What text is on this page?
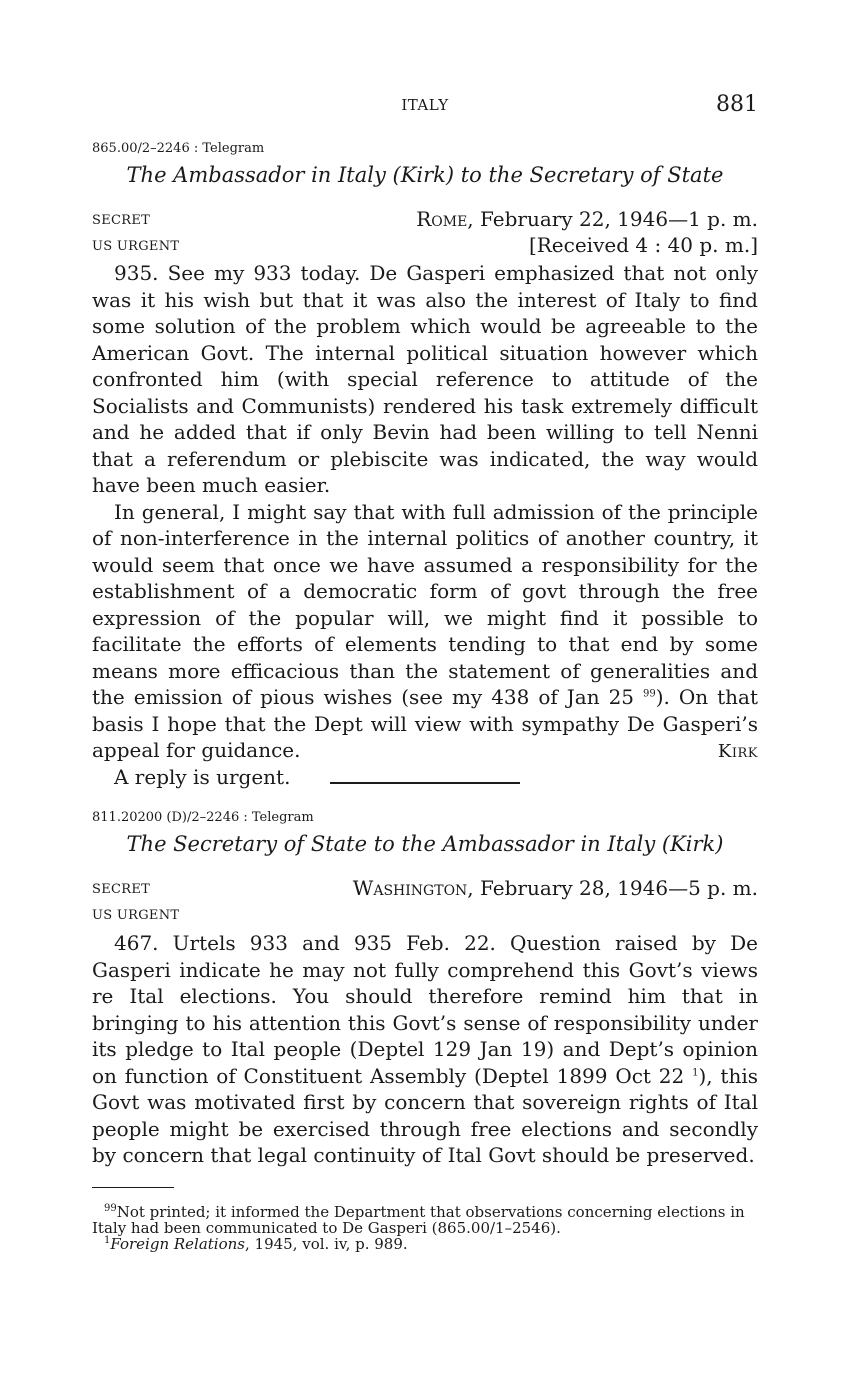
ITALY	881
865.00/2–2246 : Telegram
The Ambassador in Italy (Kirk) to the Secretary of State
SECRET	Rome, February 22, 1946—1 p. m.
US URGENT	[Received 4 : 40 p. m.]

935. See my 933 today. De Gasperi emphasized that not only was it his wish but that it was also the interest of Italy to find some solution of the problem which would be agreeable to the American Govt. The internal political situation however which confronted him (with special reference to attitude of the Socialists and Communists) rendered his task extremely difficult and he added that if only Bevin had been willing to tell Nenni that a referendum or plebiscite was indicated, the way would have been much easier.

In general, I might say that with full admission of the principle of non-interference in the internal politics of another country, it would seem that once we have assumed a responsibility for the establishment of a democratic form of govt through the free expression of the popular will, we might find it possible to facilitate the efforts of elements tending to that end by some means more efficacious than the statement of generalities and the emission of pious wishes (see my 438 of Jan 25 $^{99}$). On that basis I hope that the Dept will view with sympathy De Gasperi’s appeal for guidance.

A reply is urgent.

Kirk
811.20200 (D)/2–2246 : Telegram
The Secretary of State to the Ambassador in Italy (Kirk)
SECRET	Washington, February 28, 1946—5 p. m.
US URGENT

467. Urtels 933 and 935 Feb. 22. Question raised by De Gasperi indicate he may not fully comprehend this Govt’s views re Ital elections. You should therefore remind him that in bringing to his attention this Govt’s sense of responsibility under its pledge to Ital people (Deptel 129 Jan 19) and Dept’s opinion on function of Constituent Assembly (Deptel 1899 Oct 22 $^1$), this Govt was motivated first by concern that sovereign rights of Ital people might be exercised through free elections and secondly by concern that legal continuity of Ital Govt should be preserved.

$^{99}$Not printed; it informed the Department that observations concerning elections in Italy had been communicated to De Gasperi (865.00/1–2546).

$^1$Foreign Relations, 1945, vol. iv, p. 989.
